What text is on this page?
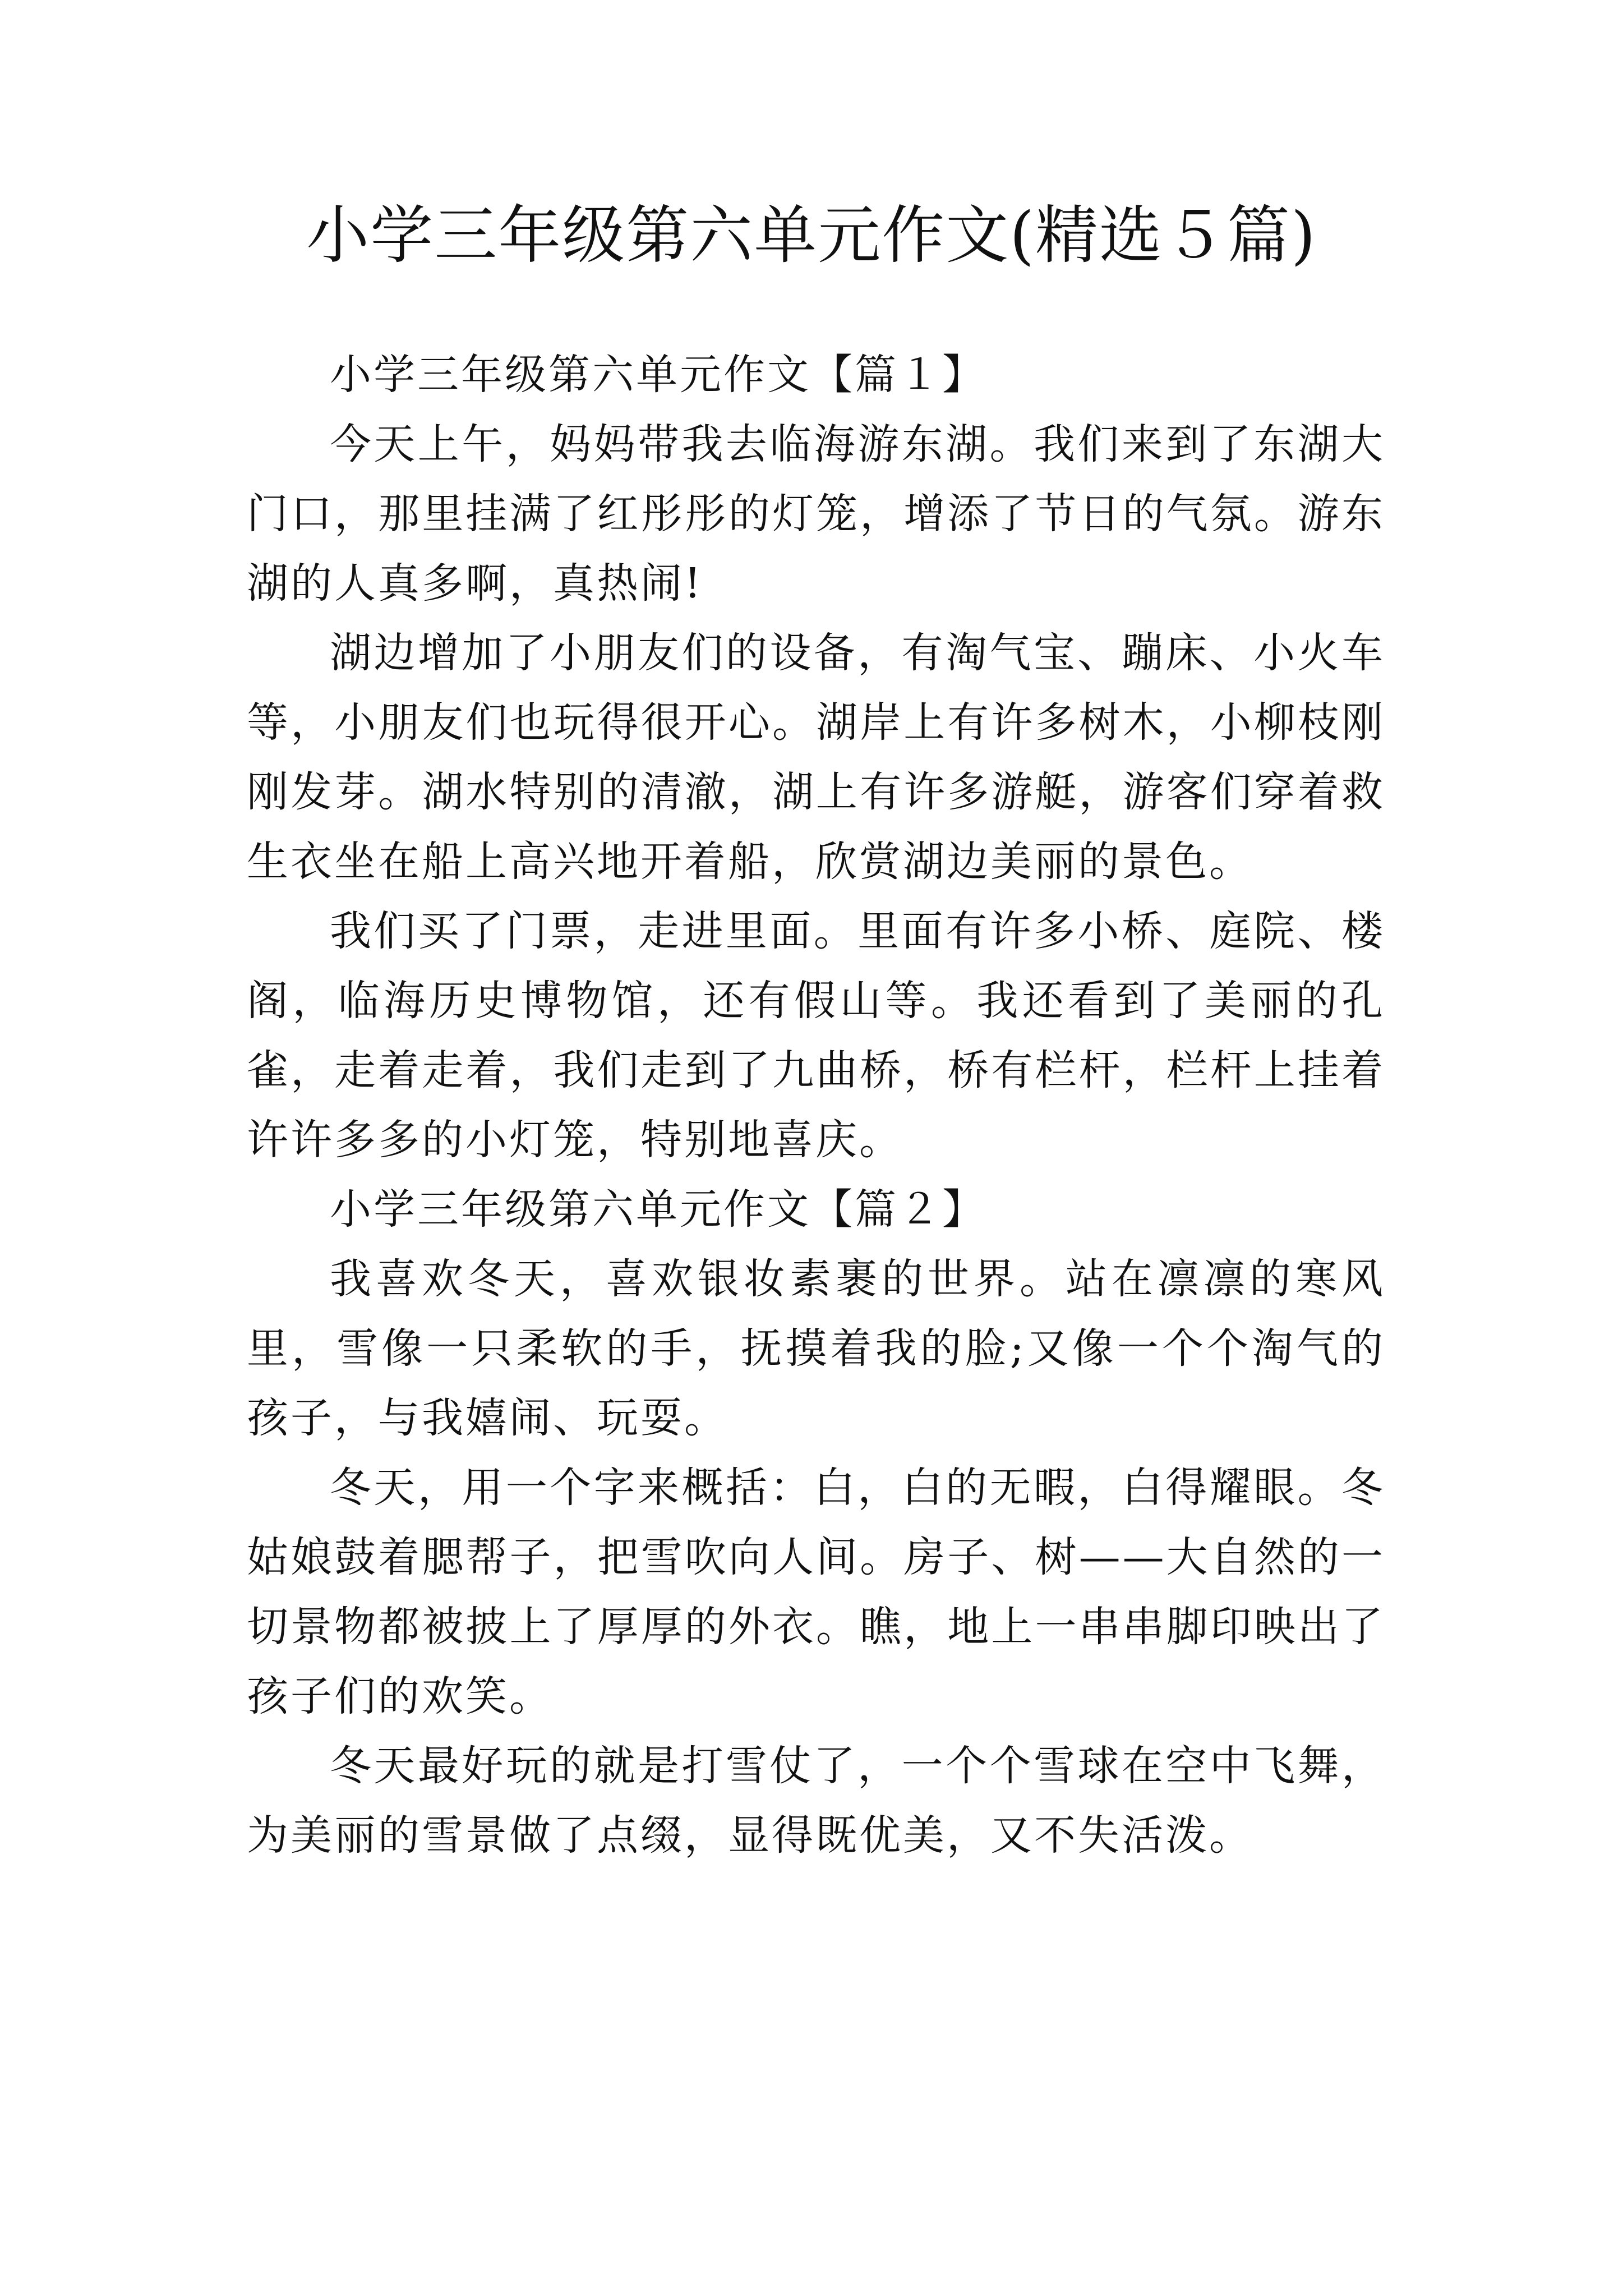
小学三年级第六单元作文(精选５篇)

小学三年级第六单元作文【篇１】

今天上午，妈妈带我去临海游东湖。我们来到了东湖大门口，那里挂满了红彤彤的灯笼，增添了节日的气氛。游东湖的人真多啊，真热闹!

湖边增加了小朋友们的设备，有淘气宝、蹦床、小火车等，小朋友们也玩得很开心。湖岸上有许多树木，小柳枝刚刚发芽。湖水特别的清澈，湖上有许多游艇，游客们穿着救生衣坐在船上高兴地开着船，欣赏湖边美丽的景色。

我们买了门票，走进里面。里面有许多小桥、庭院、楼阁，临海历史博物馆，还有假山等。我还看到了美丽的孔雀，走着走着，我们走到了九曲桥，桥有栏杆，栏杆上挂着许许多多的小灯笼，特别地喜庆。

小学三年级第六单元作文【篇２】

我喜欢冬天，喜欢银妆素裹的世界。站在凛凛的寒风里，雪像一只柔软的手，抚摸着我的脸;又像一个个淘气的孩子，与我嬉闹、玩耍。

冬天，用一个字来概括：白，白的无暇，白得耀眼。冬姑娘鼓着腮帮子，把雪吹向人间。房子、树——大自然的一切景物都被披上了厚厚的外衣。瞧，地上一串串脚印映出了孩子们的欢笑。

冬天最好玩的就是打雪仗了，一个个雪球在空中飞舞，为美丽的雪景做了点缀，显得既优美，又不失活泼。
